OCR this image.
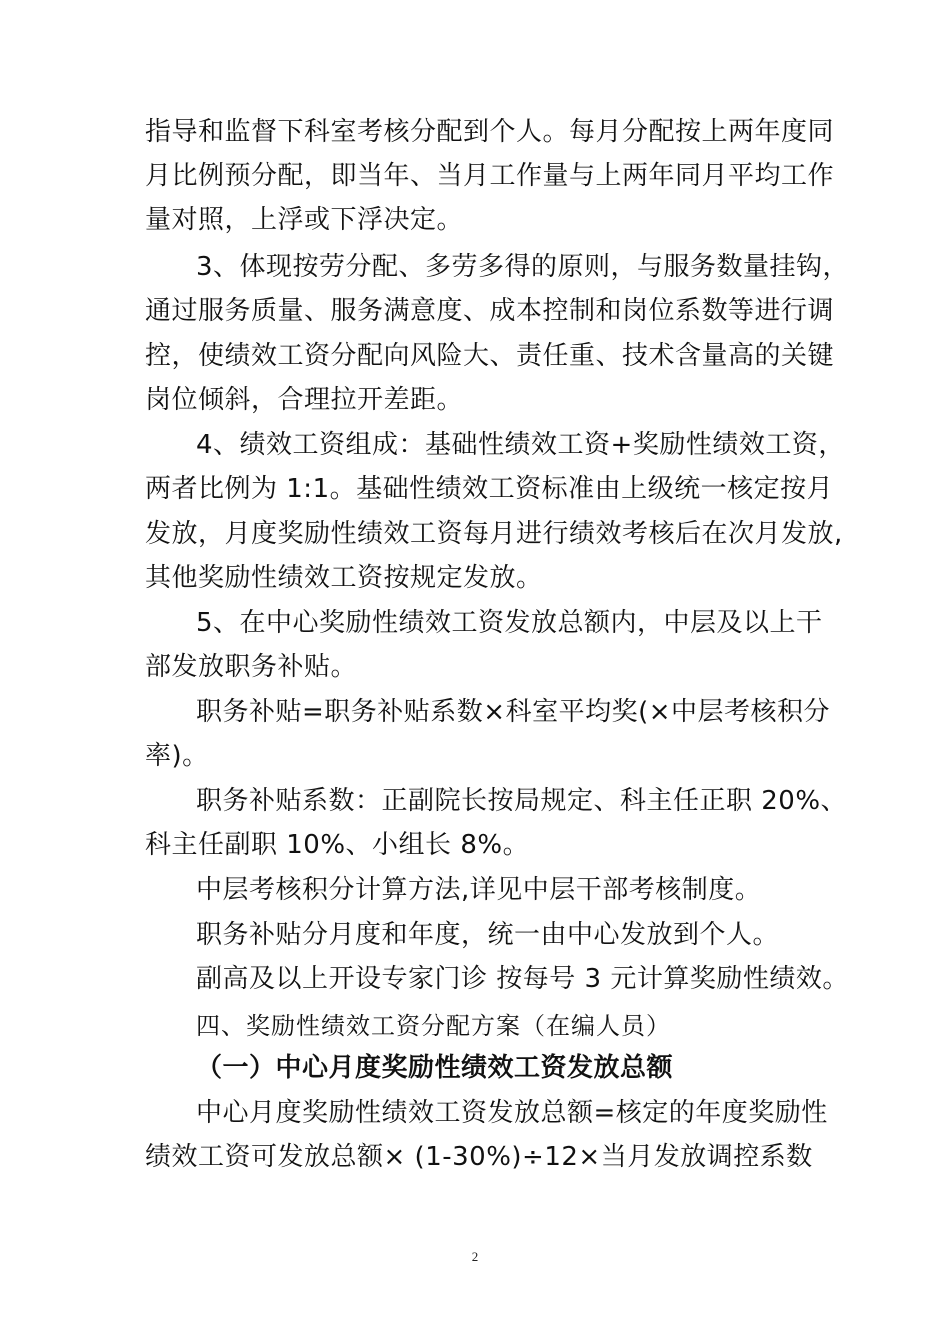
指导和监督下科室考核分配到个人。每月分配按上两年度同
月比例预分配，即当年、当月工作量与上两年同月平均工作
量对照，上浮或下浮决定。
3、体现按劳分配、多劳多得的原则，与服务数量挂钩，
通过服务质量、服务满意度、成本控制和岗位系数等进行调
控，使绩效工资分配向风险大、责任重、技术含量高的关键
岗位倾斜，合理拉开差距。
4、绩效工资组成：基础性绩效工资+奖励性绩效工资，
两者比例为 1:1。基础性绩效工资标准由上级统一核定按月
发放，月度奖励性绩效工资每月进行绩效考核后在次月发放,
其他奖励性绩效工资按规定发放。
5、在中心奖励性绩效工资发放总额内，中层及以上干
部发放职务补贴。
职务补贴=职务补贴系数×科室平均奖(×中层考核积分
率)。
职务补贴系数：正副院长按局规定、科主任正职 20%、
科主任副职 10%、小组长 8%。
中层考核积分计算方法,详见中层干部考核制度。
职务补贴分月度和年度，统一由中心发放到个人。
副高及以上开设专家门诊 按每号 3 元计算奖励性绩效。
四、奖励性绩效工资分配方案（在编人员）
（一）中心月度奖励性绩效工资发放总额
中心月度奖励性绩效工资发放总额=核定的年度奖励性
绩效工资可发放总额× (1-30%)÷12×当月发放调控系数
2
